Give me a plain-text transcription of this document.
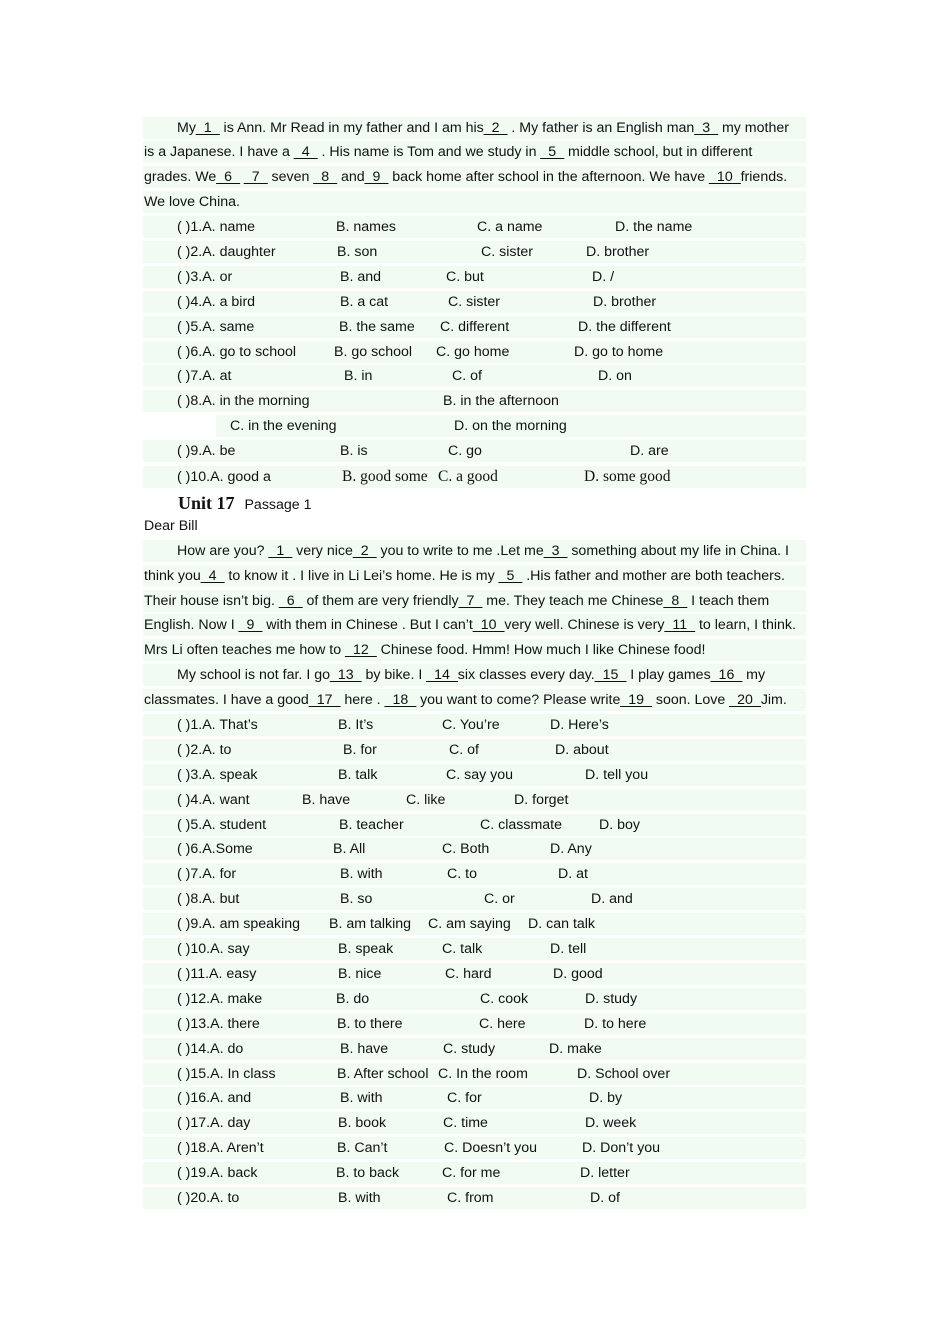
My_1_ is Ann. Mr Read in my father and I am his_2_ . My father is an English man_3_ my mother
is a Japanese. I have a _4_ . His name is Tom and we study in _5_ middle school, but in different
grades. We_6_ _7_ seven _8_ and_9_ back home after school in the afternoon. We have _10_friends.
We love China.
( )1.A. name	B. names	C. a name	D. the name
( )2.A. daughter	B. son	C. sister	D. brother
( )3.A. or	B. and	C. but	D. /
( )4.A. a bird	B. a cat	C. sister	D. brother
( )5.A. same	B. the same C. different	D. the different
( )6.A. go to school	B. go school C. go home	D. go to home
( )7.A. at	B. in	C. of	D. on
( )8.A. in the morning	B. in the afternoon
C. in the evening	D. on the morning
( )9.A. be	B. is	C. go	D. are
( )10.A. good a	B. good some C. a good	D. some good
Unit 17 Passage 1
Dear Bill
How are you? _1_ very nice_2_ you to write to me .Let me_3_ something about my life in China. I
think you_4_ to know it . I live in Li Lei’s home. He is my _5_ .His father and mother are both teachers.
Their house isn’t big. _6_ of them are very friendly_7_ me. They teach me Chinese_8_ I teach them
English. Now I _9_ with them in Chinese . But I can’t_10_very well. Chinese is very_11_ to learn, I think.
Mrs Li often teaches me how to _12_ Chinese food. Hmm! How much I like Chinese food!
My school is not far. I go_13_ by bike. I _14_six classes every day._15_ I play games_16_ my
classmates. I have a good_17_ here . _18_ you want to come? Please write_19_ soon. Love _20_Jim.
( )1.A. That’s	B. It’s	C. You’re	D. Here’s
( )2.A. to	B. for	C. of	D. about
( )3.A. speak	B. talk	C. say you	D. tell you
( )4.A. want	B. have	C. like	D. forget
( )5.A. student	B. teacher	C. classmate	D. boy
( )6.A.Some	B. All	C. Both	D. Any
( )7.A. for	B. with	C. to	D. at
( )8.A. but	B. so	C. or	D. and
( )9.A. am speaking B. am talking C. am saying D. can talk
( )10.A. say	B. speak	C. talk	D. tell
( )11.A. easy	B. nice	C. hard	D. good
( )12.A. make	B. do	C. cook	D. study
( )13.A. there	B. to there	C. here	D. to here
( )14.A. do	B. have	C. study	D. make
( )15.A. In class	B. After school C. In the room	D. School over
( )16.A. and	B. with	C. for	D. by
( )17.A. day	B. book	C. time	D. week
( )18.A. Aren’t	B. Can’t	C. Doesn’t you	D. Don’t you
( )19.A. back	B. to back	C. for me	D. letter
( )20.A. to	B. with	C. from	D. of
